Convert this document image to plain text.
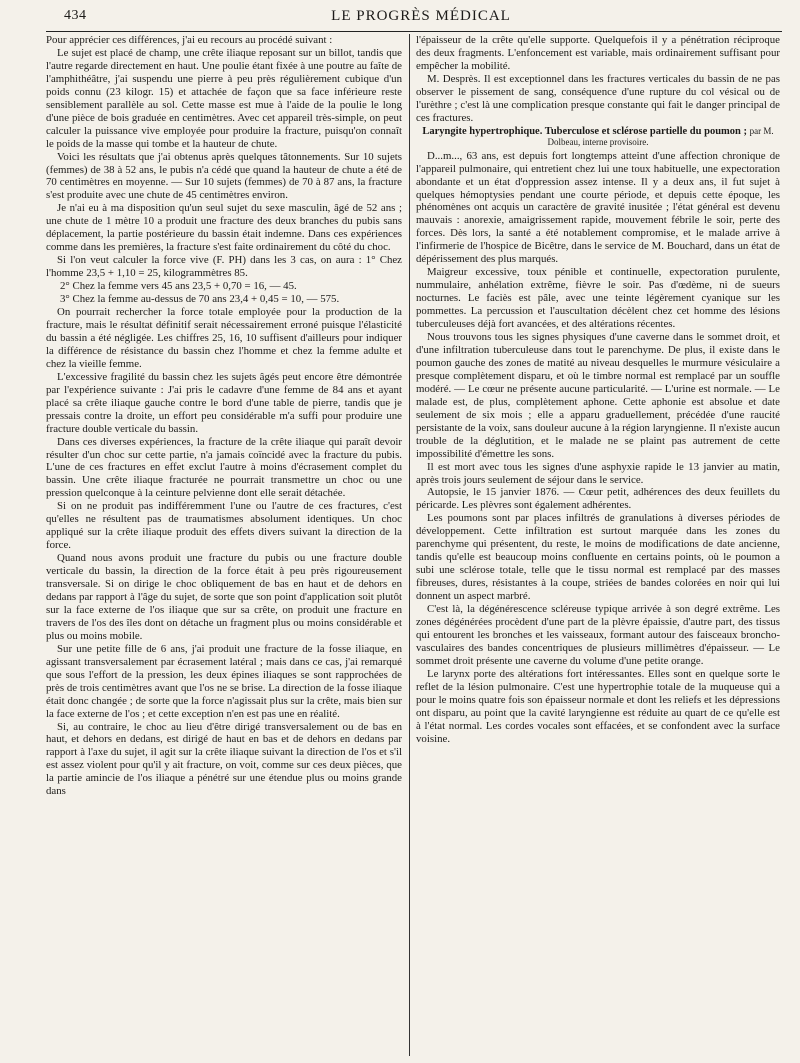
434	LE PROGRÈS MÉDICAL

Pour apprécier ces différences, j'ai eu recours au procédé suivant :

Le sujet est placé de champ, une crête iliaque reposant sur un billot, tandis que l'autre regarde directement en haut. Une poulie étant fixée à une poutre au faîte de l'amphithéâtre, j'ai suspendu une pierre à peu près régulièrement cubique d'un poids connu (23 kilogr. 15) et attachée de façon que sa face inférieure reste sensiblement parallèle au sol. Cette masse est mue à l'aide de la poulie le long d'une pièce de bois graduée en centimètres. Avec cet appareil très-simple, on peut calculer la puissance vive employée pour produire la fracture, puisqu'on connaît le poids de la masse qui tombe et la hauteur de chute.

Voici les résultats que j'ai obtenus après quelques tâtonnements. Sur 10 sujets (femmes) de 38 à 52 ans, le pubis n'a cédé que quand la hauteur de chute a été de 70 centimètres en moyenne. — Sur 10 sujets (femmes) de 70 à 87 ans, la fracture s'est produite avec une chute de 45 centimètres environ.

Je n'ai eu à ma disposition qu'un seul sujet du sexe masculin, âgé de 52 ans ; une chute de 1 mètre 10 a produit une fracture des deux branches du pubis sans déplacement, la partie postérieure du bassin était indemne. Dans ces expériences comme dans les premières, la fracture s'est faite ordinairement du côté du choc.

Si l'on veut calculer la force vive (F. PH) dans les 3 cas, on aura : 1° Chez l'homme 23,5 + 1,10 = 25, kilogrammètres 85.

2° Chez la femme vers 45 ans 23,5 + 0,70 = 16, — 45.

3° Chez la femme au-dessus de 70 ans 23,4 + 0,45 = 10, — 575.

On pourrait rechercher la force totale employée pour la production de la fracture, mais le résultat définitif serait nécessairement erroné puisque l'élasticité du bassin a été négligée. Les chiffres 25, 16, 10 suffisent d'ailleurs pour indiquer la différence de résistance du bassin chez l'homme et chez la femme adulte et chez la vieille femme.

L'excessive fragilité du bassin chez les sujets âgés peut encore être démontrée par l'expérience suivante : J'ai pris le cadavre d'une femme de 84 ans et ayant placé sa crête iliaque gauche contre le bord d'une table de pierre, tandis que je pressais contre la droite, un effort peu considérable m'a suffi pour produire une fracture double verticale du bassin.

Dans ces diverses expériences, la fracture de la crête iliaque qui paraît devoir résulter d'un choc sur cette partie, n'a jamais coïncidé avec la fracture du pubis. L'une de ces fractures en effet exclut l'autre à moins d'écrasement complet du bassin. Une crête iliaque fracturée ne pourrait transmettre un choc ou une pression quelconque à la ceinture pelvienne dont elle serait détachée.

Si on ne produit pas indifféremment l'une ou l'autre de ces fractures, c'est qu'elles ne résultent pas de traumatismes absolument identiques. Un choc appliqué sur la crête iliaque produit des effets divers suivant la direction de la force.

Quand nous avons produit une fracture du pubis ou une fracture double verticale du bassin, la direction de la force était à peu près rigoureusement transversale. Si on dirige le choc obliquement de bas en haut et de dehors en dedans par rapport à l'âge du sujet, de sorte que son point d'application soit plutôt sur la face externe de l'os iliaque que sur sa crête, on produit une fracture en travers de l'os des îles dont on détache un fragment plus ou moins considérable et plus ou moins mobile.

Sur une petite fille de 6 ans, j'ai produit une fracture de la fosse iliaque, en agissant transversalement par écrasement latéral ; mais dans ce cas, j'ai remarqué que sous l'effort de la pression, les deux épines iliaques se sont rapprochées de près de trois centimètres avant que l'os ne se brise. La direction de la fosse iliaque était donc changée ; de sorte que la force n'agissait plus sur la crête, mais bien sur la face externe de l'os ; et cette exception n'en est pas une en réalité.

Si, au contraire, le choc au lieu d'être dirigé transversalement ou de bas en haut, et dehors en dedans, est dirigé de haut en bas et de dehors en dedans par rapport à l'axe du sujet, il agit sur la crête iliaque suivant la direction de l'os et s'il est assez violent pour qu'il y ait fracture, on voit, comme sur ces deux pièces, que la partie amincie de l'os iliaque a pénétré sur une étendue plus ou moins grande dans

l'épaisseur de la crête qu'elle supporte. Quelquefois il y a pénétration réciproque des deux fragments. L'enfoncement est variable, mais ordinairement suffisant pour empêcher la mobilité.

M. Desprès. Il est exceptionnel dans les fractures verticales du bassin de ne pas observer le pissement de sang, conséquence d'une rupture du col vésical ou de l'urèthre ; c'est là une complication presque constante qui fait le danger principal de ces fractures.

Laryngite hypertrophique. Tuberculose et sclérose partielle du poumon ; par M. Dolbeau, interne provisoire.

D...m..., 63 ans, est depuis fort longtemps atteint d'une affection chronique de l'appareil pulmonaire, qui entretient chez lui une toux habituelle, une expectoration abondante et un état d'oppression assez intense. Il y a deux ans, il fut sujet à quelques hémoptysies pendant une courte période, et depuis cette époque, les phénomènes ont acquis un caractère de gravité inusitée ; l'état général est devenu mauvais : anorexie, amaigrissement rapide, mouvement fébrile le soir, perte des forces. Dès lors, la santé a été notablement compromise, et le malade arrive à l'infirmerie de l'hospice de Bicêtre, dans le service de M. Bouchard, dans un état de dépérissement des plus marqués.

Maigreur excessive, toux pénible et continuelle, expectoration purulente, nummulaire, anhélation extrême, fièvre le soir. Pas d'œdème, ni de sueurs nocturnes. Le faciès est pâle, avec une teinte légèrement cyanique sur les pommettes. La percussion et l'auscultation décèlent chez cet homme des lésions tuberculeuses déjà fort avancées, et des altérations récentes.

Nous trouvons tous les signes physiques d'une caverne dans le sommet droit, et d'une infiltration tuberculeuse dans tout le parenchyme. De plus, il existe dans le poumon gauche des zones de matité au niveau desquelles le murmure vésiculaire a presque complètement disparu, et où le timbre normal est remplacé par un souffle modéré. — Le cœur ne présente aucune particularité. — L'urine est normale. — Le malade est, de plus, complètement aphone. Cette aphonie est absolue et date seulement de six mois ; elle a apparu graduellement, précédée d'une raucité persistante de la voix, sans douleur aucune à la région laryngienne. Il n'existe aucun trouble de la déglutition, et le malade ne se plaint pas autrement de cette impossibilité d'émettre les sons.

Il est mort avec tous les signes d'une asphyxie rapide le 13 janvier au matin, après trois jours seulement de séjour dans le service.

Autopsie, le 15 janvier 1876. — Cœur petit, adhérences des deux feuillets du péricarde. Les plèvres sont également adhérentes.

Les poumons sont par places infiltrés de granulations à diverses périodes de développement. Cette infiltration est surtout marquée dans les zones du parenchyme qui présentent, du reste, le moins de modifications de date ancienne, tandis qu'elle est beaucoup moins confluente en certains points, où le poumon a subi une sclérose totale, telle que le tissu normal est remplacé par des masses fibreuses, dures, résistantes à la coupe, striées de bandes colorées en noir qui lui donnent un aspect marbré.

C'est là, la dégénérescence scléreuse typique arrivée à son degré extrême. Les zones dégénérées procèdent d'une part de la plèvre épaissie, d'autre part, des tissus qui entourent les bronches et les vaisseaux, formant autour des faisceaux broncho-vasculaires des bandes concentriques de plusieurs millimètres d'épaisseur. — Le sommet droit présente une caverne du volume d'une petite orange.

Le larynx porte des altérations fort intéressantes. Elles sont en quelque sorte le reflet de la lésion pulmonaire. C'est une hypertrophie totale de la muqueuse qui a pour le moins quatre fois son épaisseur normale et dont les reliefs et les dépressions ont disparu, au point que la cavité laryngienne est réduite au quart de ce qu'elle est à l'état normal. Les cordes vocales sont effacées, et se confondent avec la surface voisine.
